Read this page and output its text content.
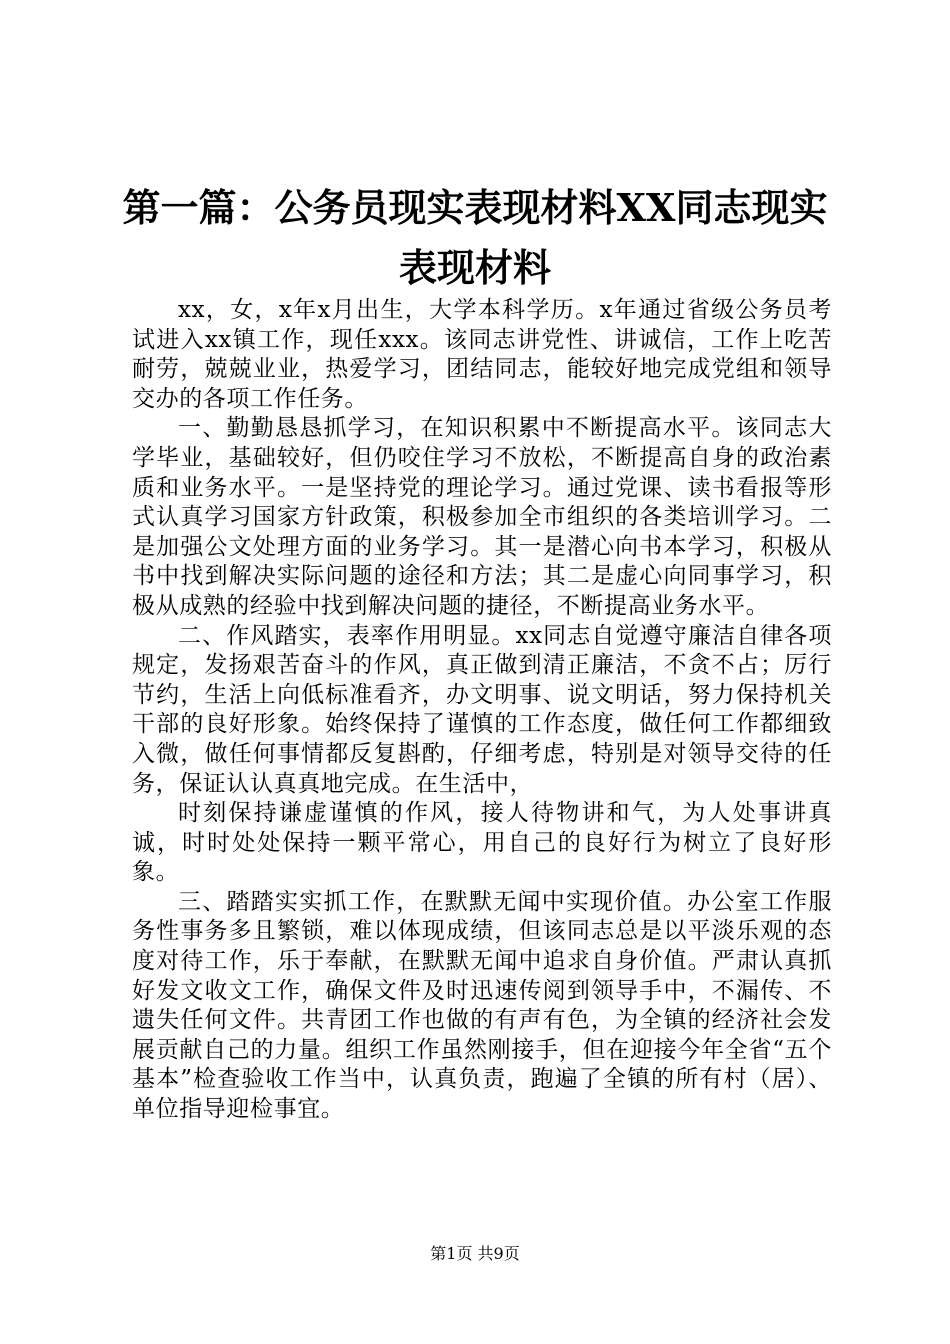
第一篇：公务员现实表现材料XX同志现实表现材料

xx，女，x年x月出生，大学本科学历。x年通过省级公务员考试进入xx镇工作，现任xxx。该同志讲党性、讲诚信，工作上吃苦耐劳，兢兢业业，热爱学习，团结同志，能较好地完成党组和领导交办的各项工作任务。

一、勤勤恳恳抓学习，在知识积累中不断提高水平。该同志大学毕业，基础较好，但仍咬住学习不放松，不断提高自身的政治素质和业务水平。一是坚持党的理论学习。通过党课、读书看报等形式认真学习国家方针政策，积极参加全市组织的各类培训学习。二是加强公文处理方面的业务学习。其一是潜心向书本学习，积极从书中找到解决实际问题的途径和方法；其二是虚心向同事学习，积极从成熟的经验中找到解决问题的捷径，不断提高业务水平。

二、作风踏实，表率作用明显。xx同志自觉遵守廉洁自律各项规定，发扬艰苦奋斗的作风，真正做到清正廉洁，不贪不占；厉行节约，生活上向低标准看齐，办文明事、说文明话，努力保持机关干部的良好形象。始终保持了谨慎的工作态度，做任何工作都细致入微，做任何事情都反复斟酌，仔细考虑，特别是对领导交待的任务，保证认认真真地完成。在生活中，

时刻保持谦虚谨慎的作风，接人待物讲和气，为人处事讲真诚，时时处处保持一颗平常心，用自己的良好行为树立了良好形象。

三、踏踏实实抓工作，在默默无闻中实现价值。办公室工作服务性事务多且繁锁，难以体现成绩，但该同志总是以平淡乐观的态度对待工作，乐于奉献，在默默无闻中追求自身价值。严肃认真抓好发文收文工作，确保文件及时迅速传阅到领导手中，不漏传、不遗失任何文件。共青团工作也做的有声有色，为全镇的经济社会发展贡献自己的力量。组织工作虽然刚接手，但在迎接今年全省“五个基本”检查验收工作当中，认真负责，跑遍了全镇的所有村（居）、单位指导迎检事宜。

第1页 共9页
